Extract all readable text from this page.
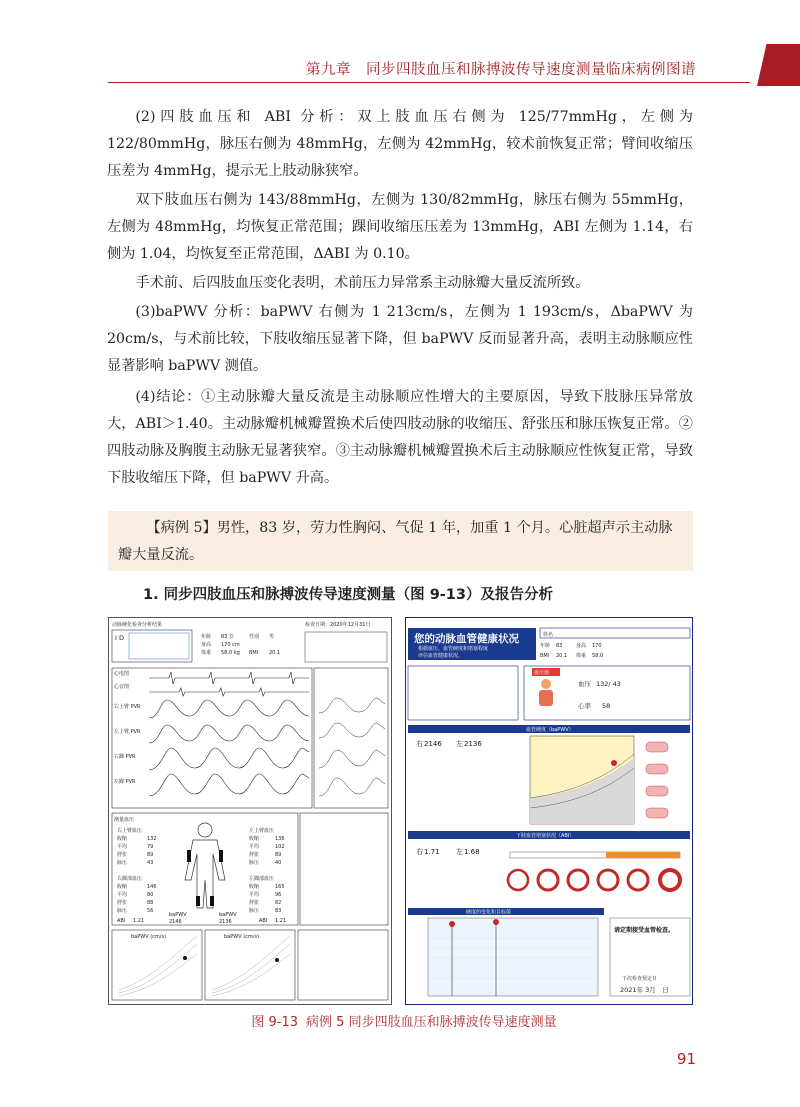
第九章　同步四肢血压和脉搏波传导速度测量临床病例图谱

(2)四肢血压和 ABI 分析：双上肢血压右侧为 125/77mmHg，左侧为 122/80mmHg，脉压右侧为 48mmHg，左侧为 42mmHg，较术前恢复正常；臂间收缩压压差为 4mmHg，提示无上肢动脉狭窄。

双下肢血压右侧为 143/88mmHg，左侧为 130/82mmHg，脉压右侧为 55mmHg，左侧为 48mmHg，均恢复正常范围；踝间收缩压压差为 13mmHg，ABI 左侧为 1.14，右侧为 1.04，均恢复至正常范围，ΔABI 为 0.10。

手术前、后四肢血压变化表明，术前压力异常系主动脉瓣大量反流所致。

(3)baPWV 分析：baPWV 右侧为 1 213cm/s，左侧为 1 193cm/s，ΔbaPWV 为 20cm/s，与术前比较，下肢收缩压显著下降，但 baPWV 反而显著升高，表明主动脉顺应性显著影响 baPWV 测值。

(4)结论：①主动脉瓣大量反流是主动脉顺应性增大的主要原因，导致下肢脉压异常放大，ABI＞1.40。主动脉瓣机械瓣置换术后使四肢动脉的收缩压、舒张压和脉压恢复正常。②四肢动脉及胸腹主动脉无显著狭窄。③主动脉瓣机械瓣置换术后主动脉顺应性恢复正常，导致下肢收缩压下降，但 baPWV 升高。

【病例 5】男性，83 岁，劳力性胸闷、气促 1 年，加重 1 个月。心脏超声示主动脉瓣大量反流。
1. 同步四肢血压和脉搏波传导速度测量（图 9-13）及报告分析
动脉硬化检查分析结果	检查日期：2020年12月31日
I D	年龄 83 岁
身高 170 cm
体重 58.0 kg
性别 男
BMI 20.1
心电图
心音图
右上臂 PVR
左上臂 PVR
右踝 PVR
左踝 PVR
测量血压
右上臂血压
收缩	132
平均	79
舒张	89
脉压	43
右踝部血压
收缩	146
平均	80
舒张	88
脉压	56
左上臂血压
收缩	136
平均	102
舒张	89
脉压	40
左踝部血压
收缩	165
平均	96
舒张	82
脉压	83
baPWV
2146
baPWV
2136
ABI 1.21	ABI 1.21
baPWV (cm/s)	baPWV (cm/s)
您的动脉血管健康状况
根据血压、血管硬度和堵塞程度
评估血管健康状况。
姓名
年龄 83	身高 170
BMI 20.1 体重 58.0
血压值
血压 132/ 43
心率 58
血管硬度（baPWV）
右 2146 左 2136
下肢血管堵塞状况（ABI）
右 1.71 左 1.68
硬度的变化和目标值
请定期接受血管检查。
下次检查预定日
2021年 3月　日
图 9-13 病例 5 同步四肢血压和脉搏波传导速度测量
91
